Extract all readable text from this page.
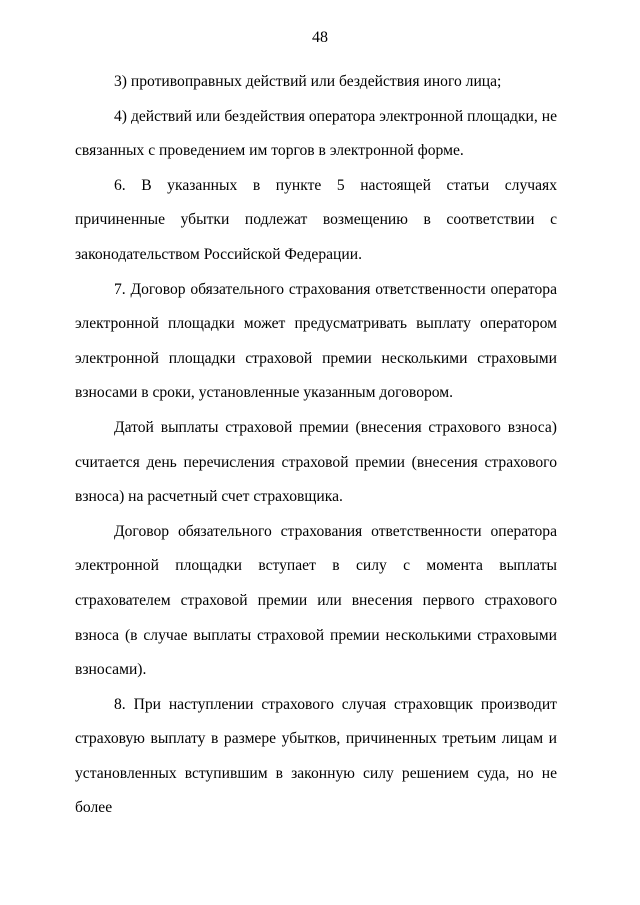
48

3) противоправных действий или бездействия иного лица;

4) действий или бездействия оператора электронной площадки, не связанных с проведением им торгов в электронной форме.

6. В указанных в пункте 5 настоящей статьи случаях причиненные убытки подлежат возмещению в соответствии с законодательством Российской Федерации.

7. Договор обязательного страхования ответственности оператора электронной площадки может предусматривать выплату оператором электронной площадки страховой премии несколькими страховыми взносами в сроки, установленные указанным договором.

Датой выплаты страховой премии (внесения страхового взноса) считается день перечисления страховой премии (внесения страхового взноса) на расчетный счет страховщика.

Договор обязательного страхования ответственности оператора электронной площадки вступает в силу с момента выплаты страхователем страховой премии или внесения первого страхового взноса (в случае выплаты страховой премии несколькими страховыми взносами).

8. При наступлении страхового случая страховщик производит страховую выплату в размере убытков, причиненных третьим лицам и установленных вступившим в законную силу решением суда, но не более
